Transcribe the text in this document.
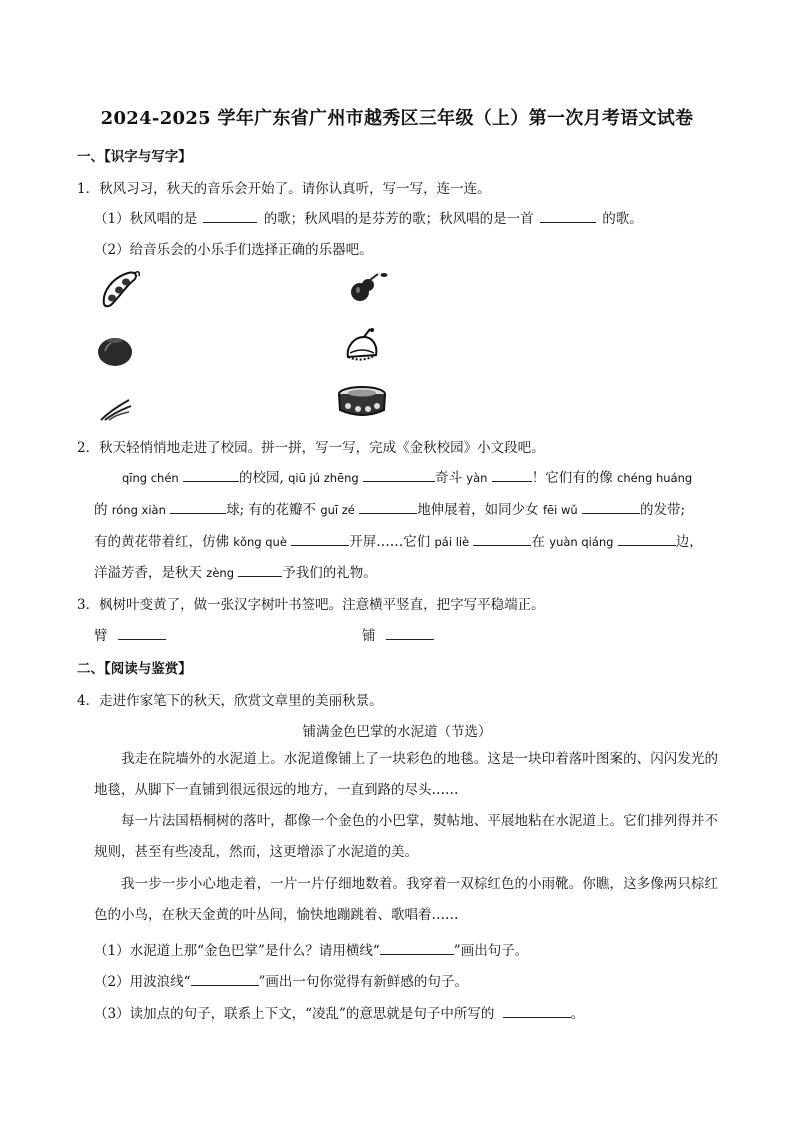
2024-2025 学年广东省广州市越秀区三年级（上）第一次月考语文试卷
一、【识字与写字】
1．秋风习习，秋天的音乐会开始了。请你认真听，写一写，连一连。
（1）秋风唱的是	的歌；秋风唱的是芬芳的歌；秋风唱的是一首	的歌。
（2）给音乐会的小乐手们选择正确的乐器吧。
2．秋天轻悄悄地走进了校园。拼一拼，写一写，完成《金秋校园》小文段吧。
qīng chén	的校园, qiū jú zhēng	奇斗 yàn	！它们有的像 chéng huáng
的 róng xiàn	球; 有的花瓣不 guī zé	地伸展着，如同少女 fēi wǔ	的发带;
有的黄花带着红，仿佛 kǒng què	开屏……它们 pái liè	在 yuàn qiáng	边，
洋溢芳香，是秋天 zèng	予我们的礼物。
3．枫树叶变黄了，做一张汉字树叶书签吧。注意横平竖直，把字写平稳端正。
臂	铺
二、【阅读与鉴赏】
4．走进作家笔下的秋天，欣赏文章里的美丽秋景。
铺满金色巴掌的水泥道（节选）
我走在院墙外的水泥道上。水泥道像铺上了一块彩色的地毯。这是一块印着落叶图案的、闪闪发光的地毯，从脚下一直铺到很远很远的地方，一直到路的尽头……
每一片法国梧桐树的落叶，都像一个金色的小巴掌，熨帖地、平展地粘在水泥道上。它们排列得并不规则，甚至有些凌乱，然而，这更增添了水泥道的美。
我一步一步小心地走着，一片一片仔细地数着。我穿着一双棕红色的小雨靴。你瞧，这多像两只棕红色的小鸟，在秋天金黄的叶丛间，愉快地蹦跳着、歌唱着……
（1）水泥道上那“金色巴掌”是什么？请用横线“	”画出句子。
（2）用波浪线“	”画出一句你觉得有新鲜感的句子。
（3）读加点的句子，联系上下文，“凌乱”的意思就是句子中所写的	。
